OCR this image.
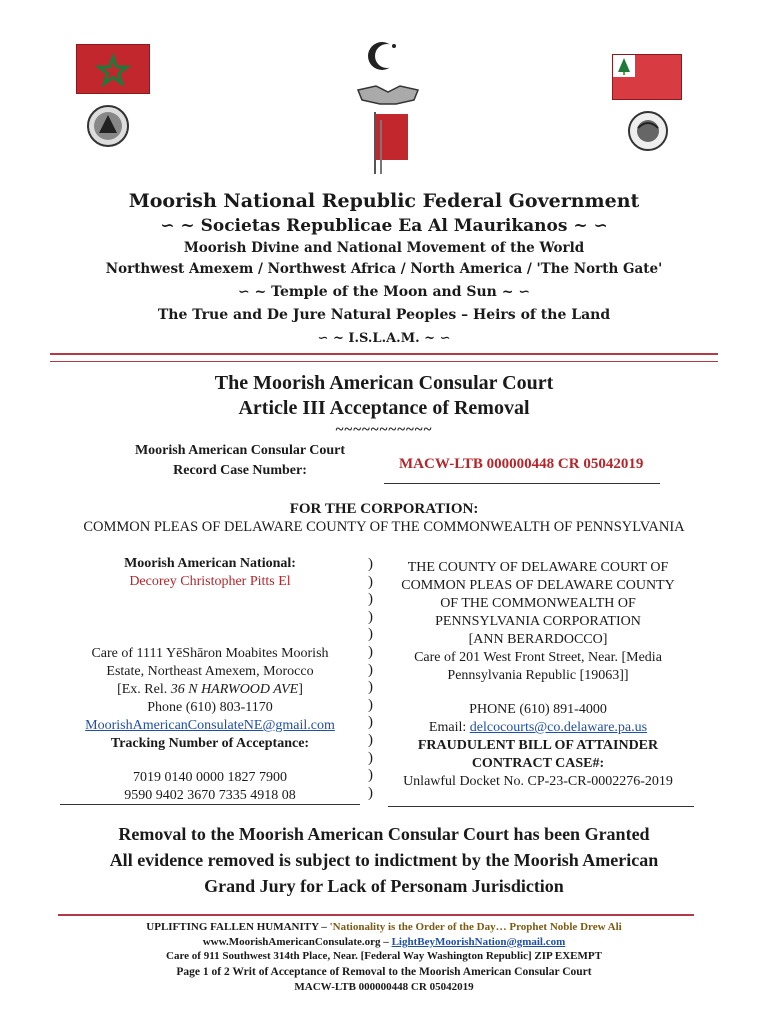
Moorish National Republic Federal Government
∽ ~ Societas Republicae Ea Al Maurikanos ~ ∽
Moorish Divine and National Movement of the World
Northwest Amexem / Northwest Africa / North America / 'The North Gate'
∽ ~ Temple of the Moon and Sun ~ ∽
The True and De Jure Natural Peoples – Heirs of the Land
∽ ~ I.S.L.A.M. ~ ∽
The Moorish American Consular Court
Article III Acceptance of Removal
~~~~~~~~~~~
Moorish American Consular Court
Record Case Number:	MACW-LTB 000000448 CR 05042019
FOR THE CORPORATION:
COMMON PLEAS OF DELAWARE COUNTY OF THE COMMONWEALTH OF PENNSYLVANIA
Moorish American National:
Decorey Christopher Pitts El
Care of 1111 YēShāron Moabites Moorish
Estate, Northeast Amexem, Morocco
[Ex. Rel. 36 N HARWOOD AVE]
Phone (610) 803-1170
MoorishAmericanConsulateNE@gmail.com
Tracking Number of Acceptance:
7019 0140 0000 1827 7900
9590 9402 3670 7335 4918 08
)
)
)
)
)
)
)
)
)
)
)
)
)
)
THE COUNTY OF DELAWARE COURT OF
COMMON PLEAS OF DELAWARE COUNTY
OF THE COMMONWEALTH OF
PENNSYLVANIA CORPORATION
[ANN BERARDOCCO]
Care of 201 West Front Street, Near. [Media
Pennsylvania Republic [19063]]
PHONE (610) 891-4000
Email: delcocourts@co.delaware.pa.us
FRAUDULENT BILL OF ATTAINDER
CONTRACT CASE#:
Unlawful Docket No. CP-23-CR-0002276-2019
Removal to the Moorish American Consular Court has been Granted
All evidence removed is subject to indictment by the Moorish American
Grand Jury for Lack of Personam Jurisdiction
UPLIFTING FALLEN HUMANITY – 'Nationality is the Order of the Day… Prophet Noble Drew Ali
www.MoorishAmericanConsulate.org – LightBeyMoorishNation@gmail.com
Care of 911 Southwest 314th Place, Near. [Federal Way Washington Republic] ZIP EXEMPT
Page 1 of 2 Writ of Acceptance of Removal to the Moorish American Consular Court
MACW-LTB 000000448 CR 05042019
